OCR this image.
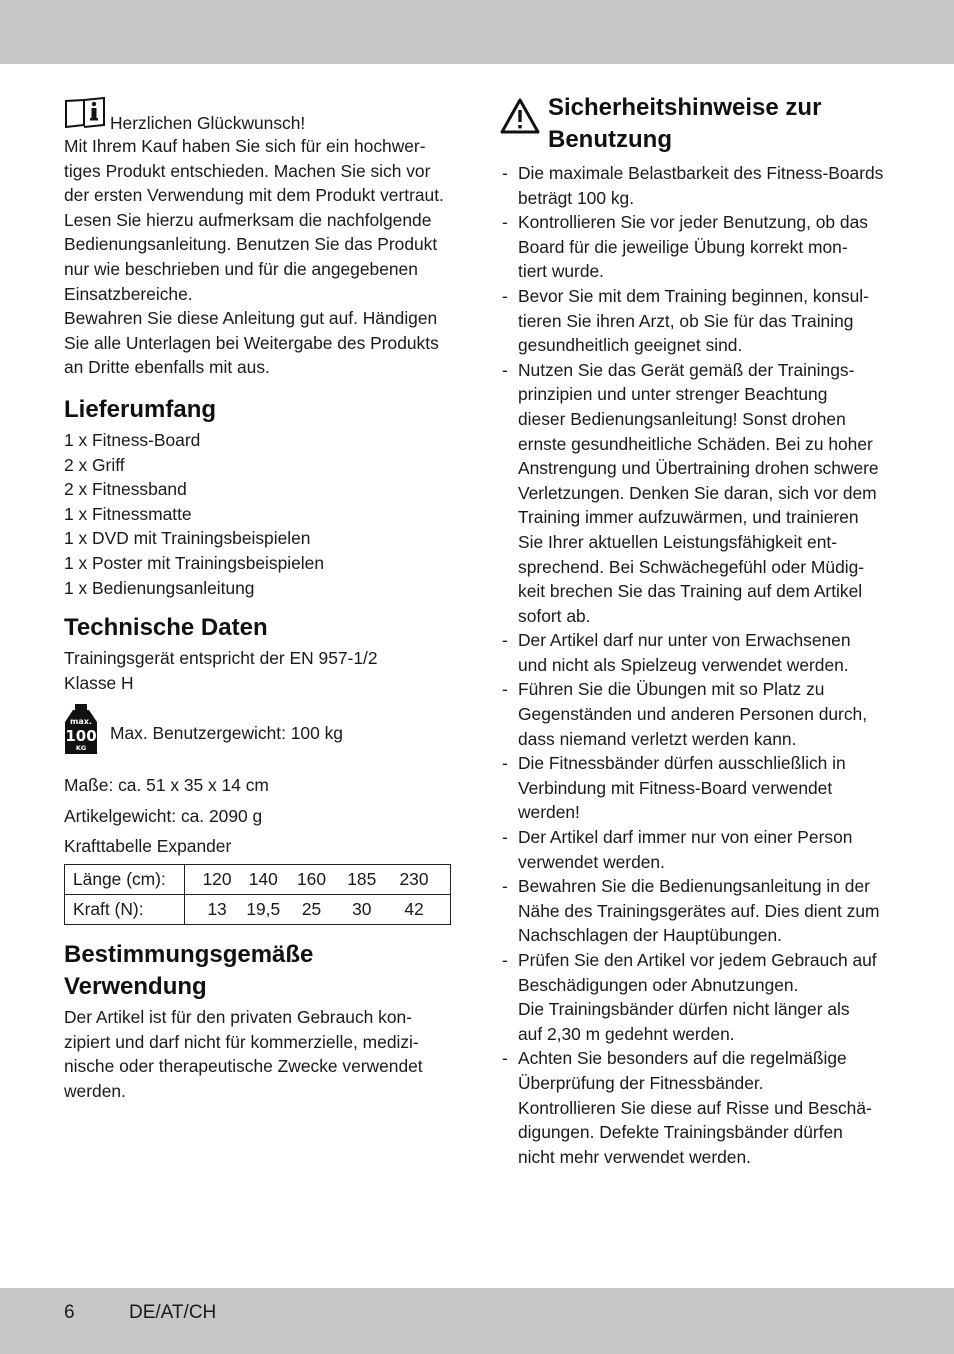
Herzlichen Glückwunsch!

Mit Ihrem Kauf haben Sie sich für ein hochwer-

tiges Produkt entschieden. Machen Sie sich vor

der ersten Verwendung mit dem Produkt vertraut.

Lesen Sie hierzu aufmerksam die nachfolgende

Bedienungsanleitung. Benutzen Sie das Produkt

nur wie beschrieben und für die angegebenen

Einsatzbereiche.

Bewahren Sie diese Anleitung gut auf. Händigen

Sie alle Unterlagen bei Weitergabe des Produkts

an Dritte ebenfalls mit aus.

Lieferumfang

1 x Fitness-Board

2 x Griff

2 x Fitnessband

1 x Fitnessmatte

1 x DVD mit Trainingsbeispielen

1 x Poster mit Trainingsbeispielen

1 x Bedienungsanleitung

Technische Daten

Trainingsgerät entspricht der EN 957-1/2

Klasse H

max.
100
KG
Max. Benutzergewicht: 100 kg

Maße: ca. 51 x 35 x 14 cm

Artikelgewicht: ca. 2090 g

Krafttabelle Expander

Länge (cm):	120 140 160 185 230

Kraft (N):	13 19,5 25 30 42
Bestimmungsgemäße
Verwendung

Der Artikel ist für den privaten Gebrauch kon-

zipiert und darf nicht für kommerzielle, medizi-

nische oder therapeutische Zwecke verwendet

werden.

Sicherheitshinweise zur
Benutzung
- Die maximale Belastbarkeit des Fitness-Boards
beträgt 100 kg.
- Kontrollieren Sie vor jeder Benutzung, ob das
Board für die jeweilige Übung korrekt mon-
tiert wurde.
- Bevor Sie mit dem Training beginnen, konsul-
tieren Sie ihren Arzt, ob Sie für das Training
gesundheitlich geeignet sind.
- Nutzen Sie das Gerät gemäß der Trainings-
prinzipien und unter strenger Beachtung
dieser Bedienungsanleitung! Sonst drohen
ernste gesundheitliche Schäden. Bei zu hoher
Anstrengung und Übertraining drohen schwere
Verletzungen. Denken Sie daran, sich vor dem
Training immer aufzuwärmen, und trainieren
Sie Ihrer aktuellen Leistungsfähigkeit ent-
sprechend. Bei Schwächegefühl oder Müdig-
keit brechen Sie das Training auf dem Artikel
sofort ab.
- Der Artikel darf nur unter von Erwachsenen
und nicht als Spielzeug verwendet werden.
- Führen Sie die Übungen mit so Platz zu
Gegenständen und anderen Personen durch,
dass niemand verletzt werden kann.
- Die Fitnessbänder dürfen ausschließlich in
Verbindung mit Fitness-Board verwendet
werden!
- Der Artikel darf immer nur von einer Person
verwendet werden.
- Bewahren Sie die Bedienungsanleitung in der
Nähe des Trainingsgerätes auf. Dies dient zum
Nachschlagen der Hauptübungen.
- Prüfen Sie den Artikel vor jedem Gebrauch auf
Beschädigungen oder Abnutzungen.
Die Trainingsbänder dürfen nicht länger als
auf 2,30 m gedehnt werden.
- Achten Sie besonders auf die regelmäßige
Überprüfung der Fitnessbänder.
Kontrollieren Sie diese auf Risse und Beschä-
digungen. Defekte Trainingsbänder dürfen
nicht mehr verwendet werden.
6	DE/AT/CH
